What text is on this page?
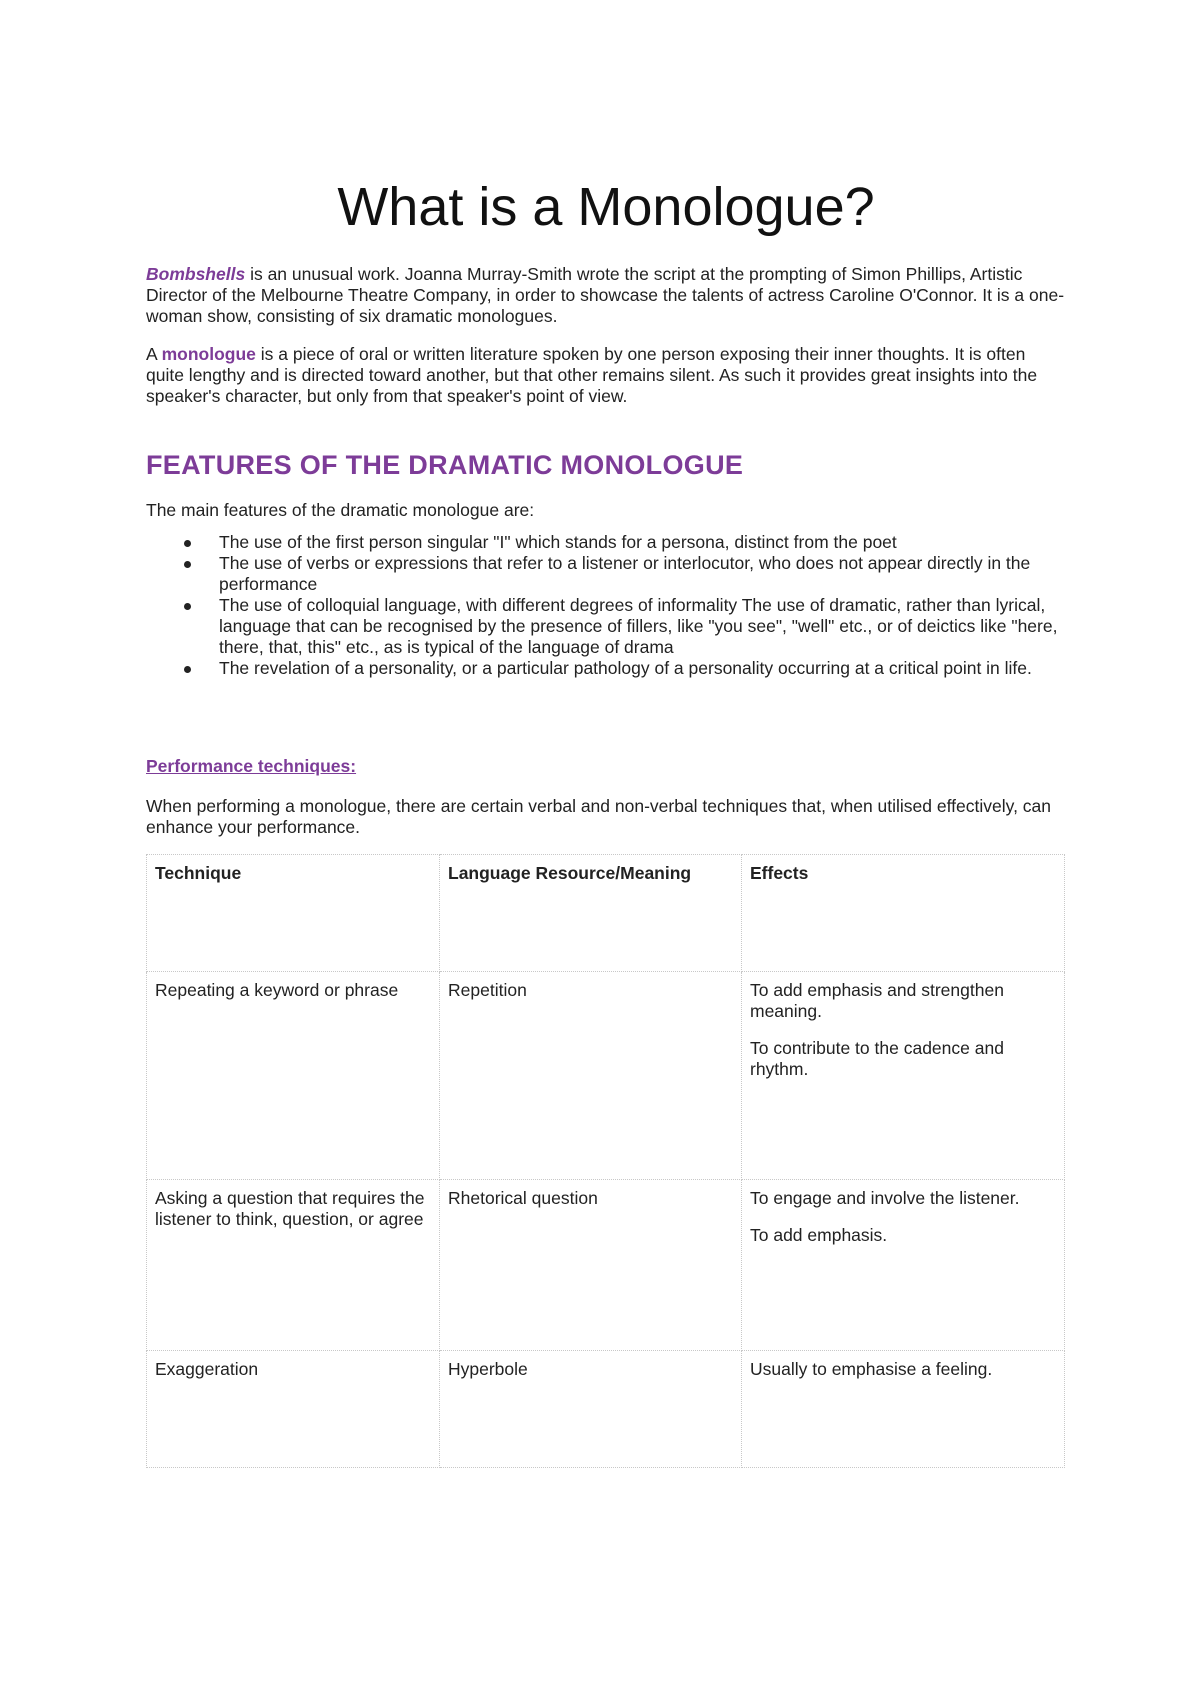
What is a Monologue?

Bombshells is an unusual work. Joanna Murray-Smith wrote the script at the prompting of Simon Phillips, Artistic Director of the Melbourne Theatre Company, in order to showcase the talents of actress Caroline O'Connor. It is a one-woman show, consisting of six dramatic monologues.

A monologue is a piece of oral or written literature spoken by one person exposing their inner thoughts. It is often quite lengthy and is directed toward another, but that other remains silent. As such it provides great insights into the speaker's character, but only from that speaker's point of view.

FEATURES OF THE DRAMATIC MONOLOGUE

The main features of the dramatic monologue are:

The use of the first person singular "I" which stands for a persona, distinct from the poet
The use of verbs or expressions that refer to a listener or interlocutor, who does not appear directly in the performance
The use of colloquial language, with different degrees of informality The use of dramatic, rather than lyrical, language that can be recognised by the presence of fillers, like "you see", "well" etc., or of deictics like "here, there, that, this" etc., as is typical of the language of drama
The revelation of a personality, or a particular pathology of a personality occurring at a critical point in life.
Performance techniques:

When performing a monologue, there are certain verbal and non-verbal techniques that, when utilised effectively, can enhance your performance.

Technique	Language Resource/Meaning	Effects
Repeating a keyword or phrase	Repetition	To add emphasis and strengthen meaning.

To contribute to the cadence and rhythm.

Asking a question that requires the listener to think, question, or agree	Rhetorical question	To engage and involve the listener.

To add emphasis.

Exaggeration	Hyperbole	Usually to emphasise a feeling.
